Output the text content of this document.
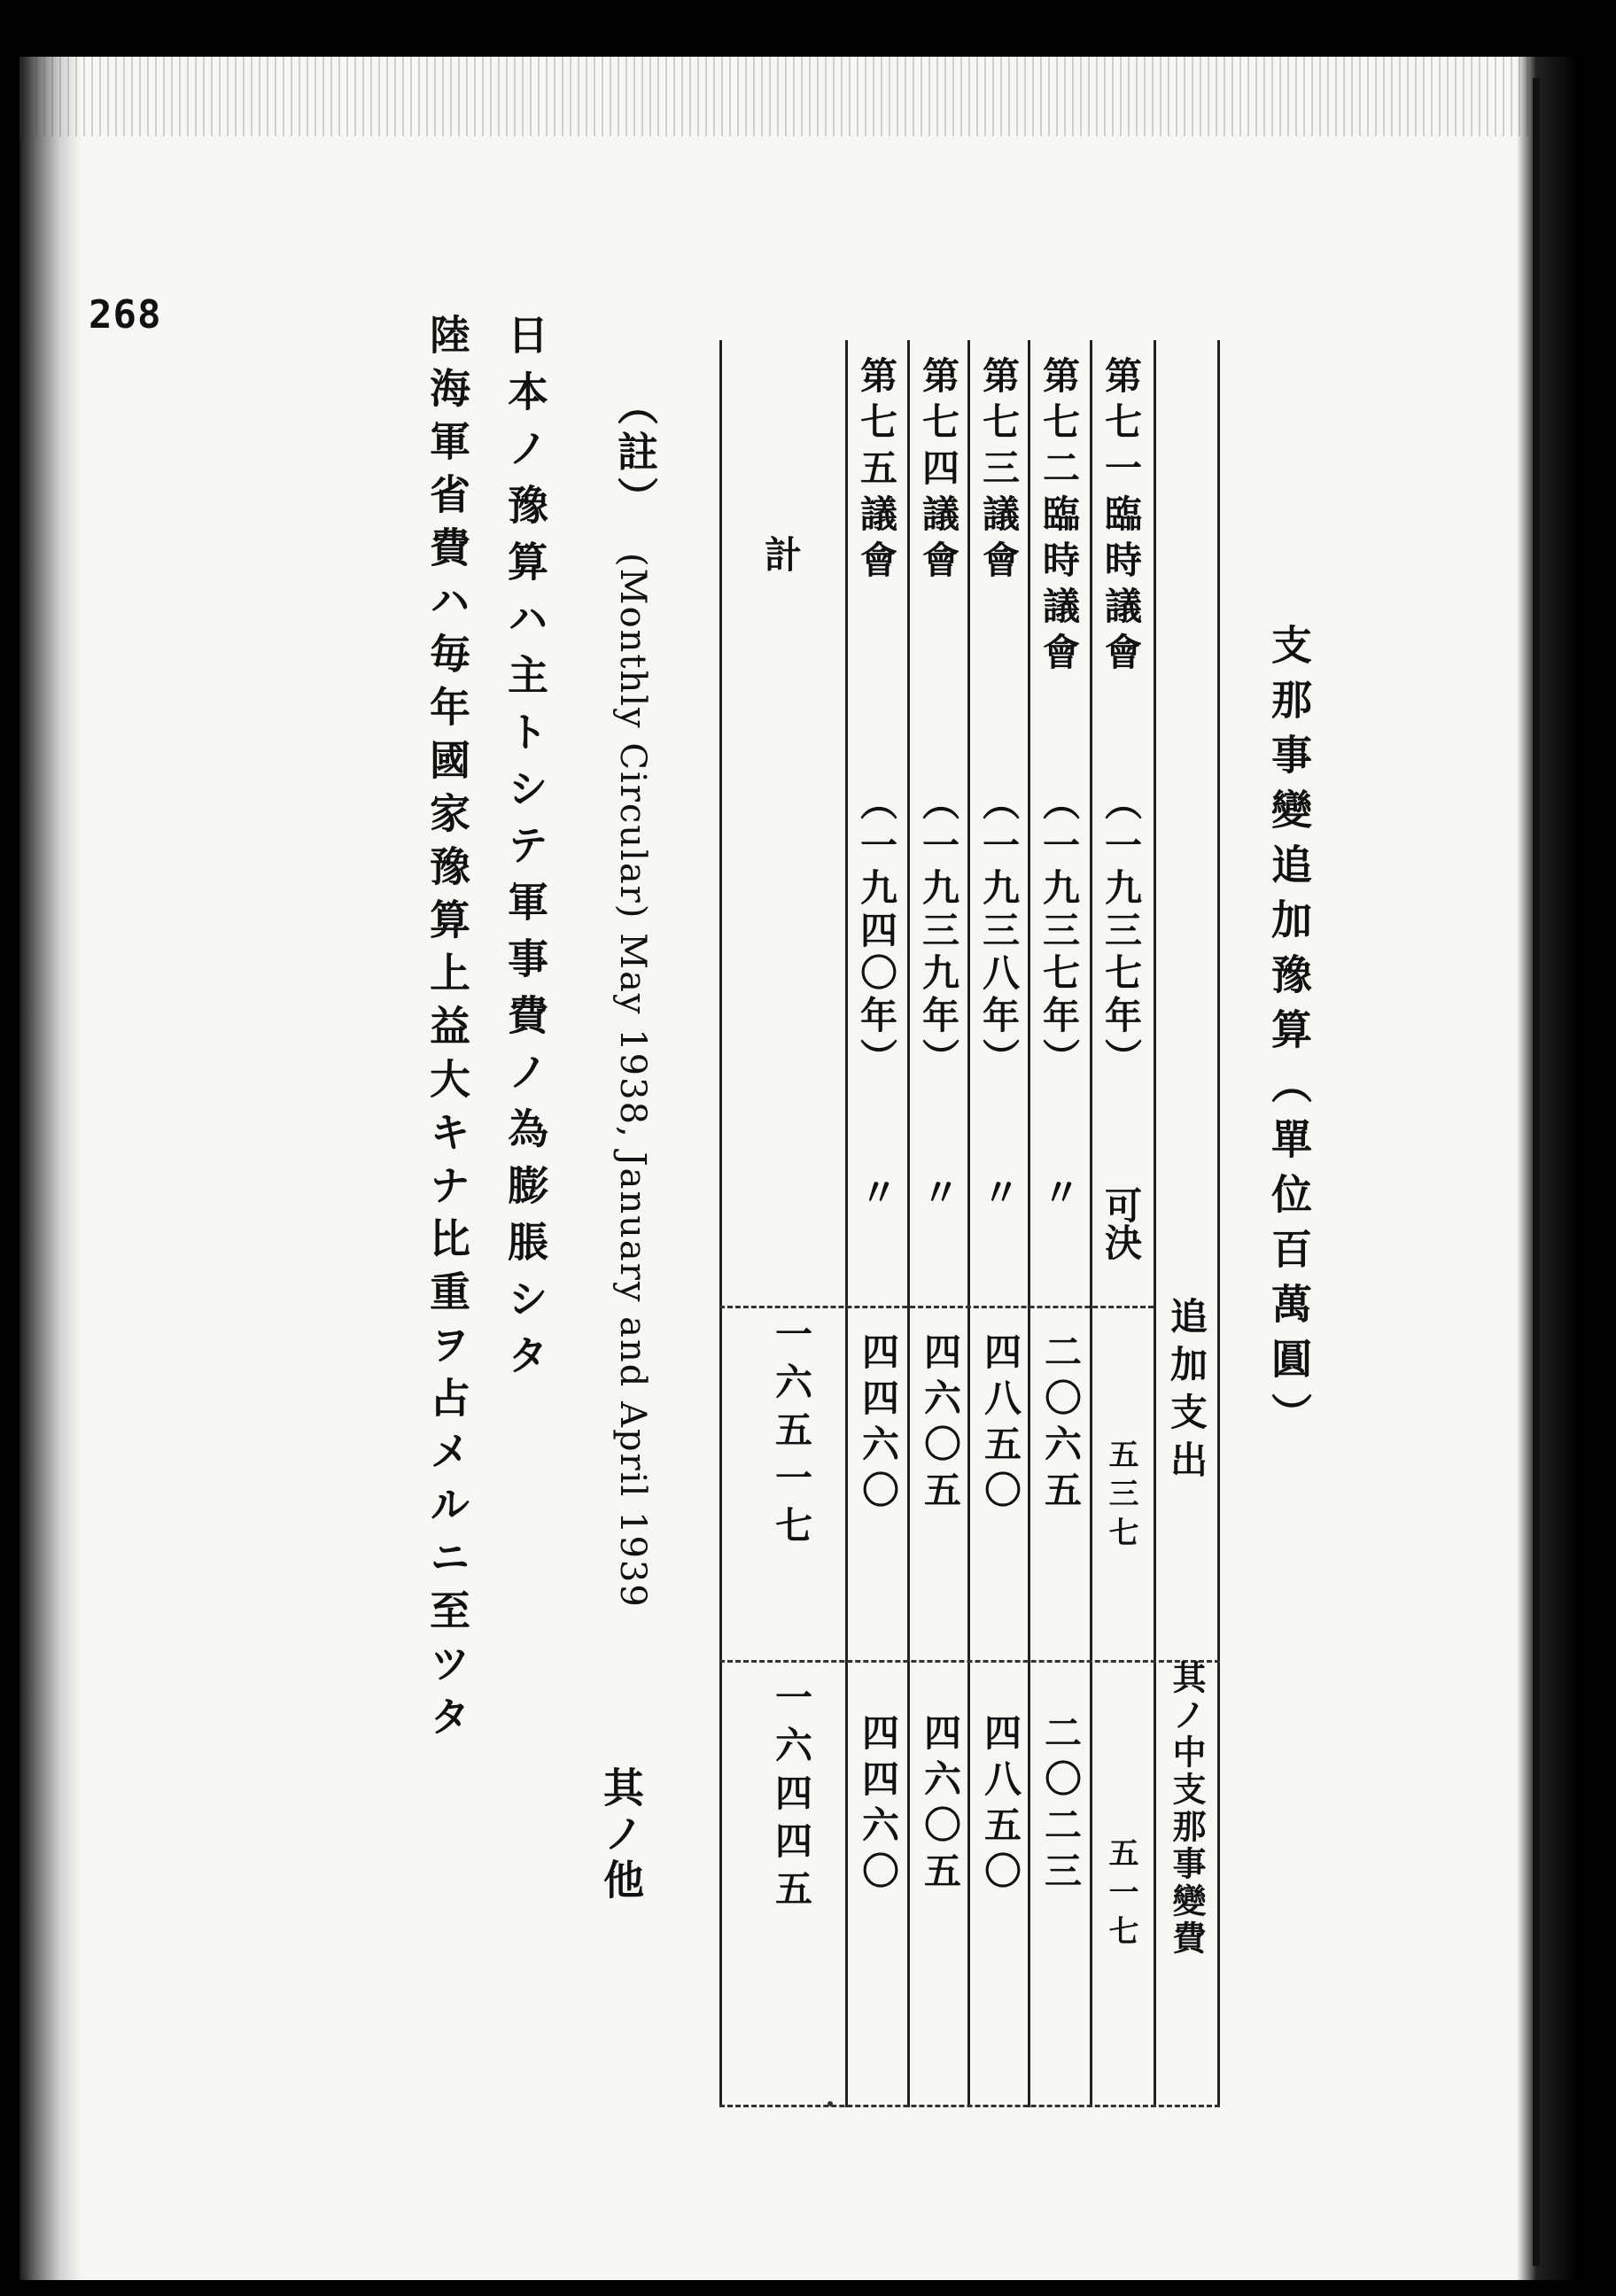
268
支那事變追加豫算（單位百萬圓）
追加支出
其ノ中支那事變費
第七一臨時議會
（一九三七年）
可決
五三七
五一七
第七二臨時議會
（一九三七年）
〃
二〇六五
二〇二三
第七三議會
（一九三八年）
〃
四八五〇
四八五〇
第七四議會
（一九三九年）
〃
四六〇五
四六〇五
第七五議會
（一九四〇年）
〃
四四六〇
四四六〇
計
一六五一七
一六四四五
（註）
(Monthly Circular) May 1938, January and April 1939
其ノ他
日本ノ豫算ハ主トシテ軍事費ノ為膨脹シタ
陸海軍省費ハ毎年國家豫算上益大キナ比重ヲ占メルニ至ツタ
